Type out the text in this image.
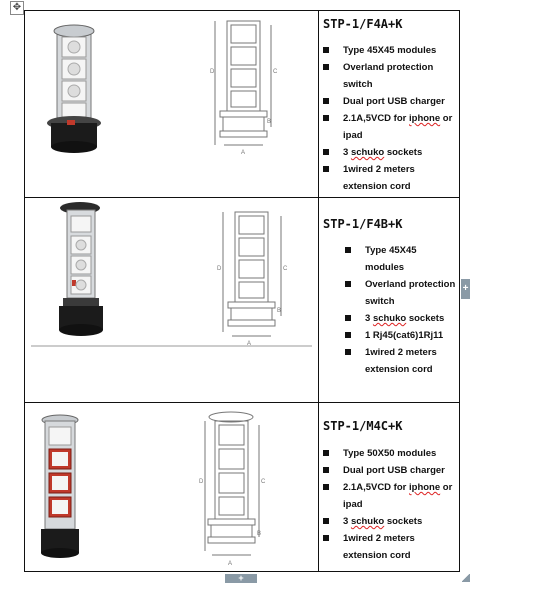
✥
D	C
B
A
STP-1/F4A+K
Type 45X45 modules
Overland protection switch
Dual port USB charger
2.1A,5VCD for iphone or ipad
3 schuko sockets
1wired 2 meters extension cord
D	C
B
A
STP-1/F4B+K
Type 45X45 modules
Overland protection switch
3 schuko sockets
1 Rj45(cat6)1Rj11
1wired 2 meters extension cord
D	C
B
A
STP-1/M4C+K
Type 50X50 modules
Dual port USB charger
2.1A,5VCD for iphone or ipad
3 schuko sockets
1wired 2 meters extension cord
+
+
